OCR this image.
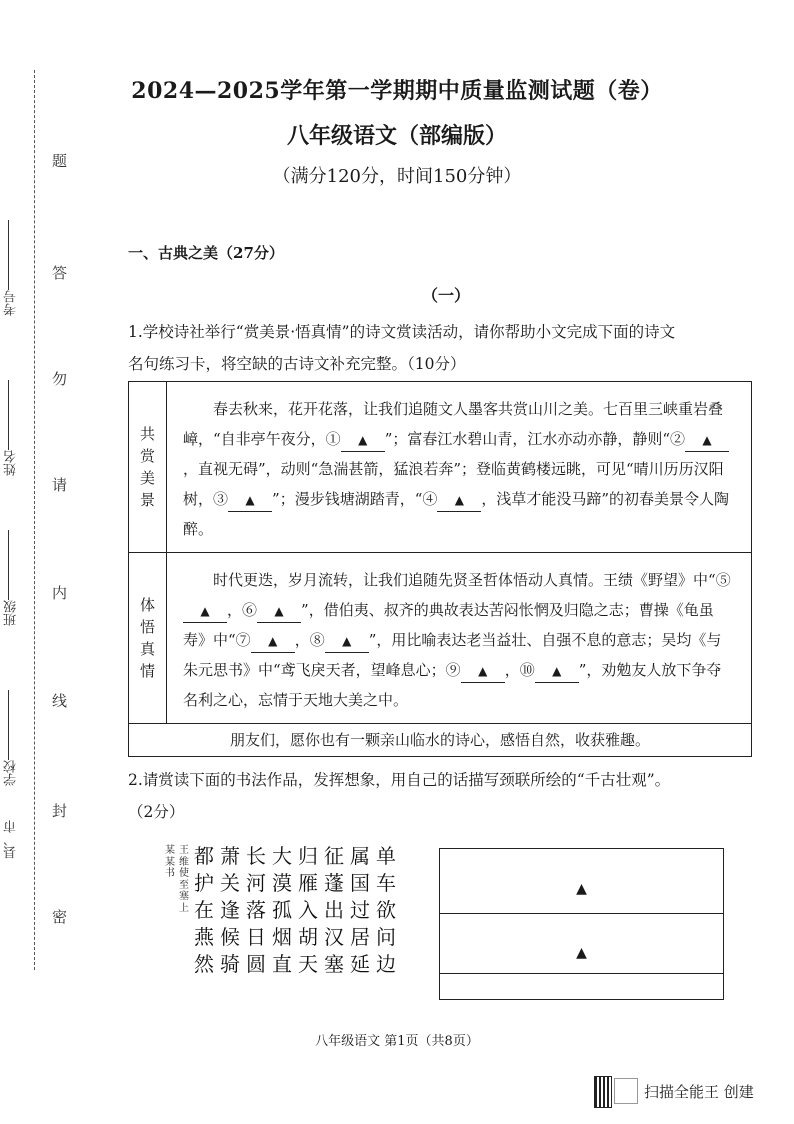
题
答
勿
请
内
线
封
密
学校
班级
姓名
考号
县、市
2024—2025学年第一学期期中质量监测试题（卷）
八年级语文（部编版）
（满分120分，时间150分钟）
一、古典之美（27分）
（一）
1.学校诗社举行“赏美景·悟真情”的诗文赏读活动，请你帮助小文完成下面的诗文
名句练习卡，将空缺的古诗文补充完整。（10分）
共
赏
美
景	春去秋来，花开花落，让我们追随文人墨客共赏山川之美。七百里三峡重岩叠嶂，“自非亭午夜分，① ▲ ”；富春江水碧山青，江水亦动亦静，静则“② ▲，直视无碍”，动则“急湍甚箭，猛浪若奔”；登临黄鹤楼远眺，可见“晴川历历汉阳树，③ ▲ ”；漫步钱塘湖踏青，“④ ▲ ，浅草才能没马蹄”的初春美景令人陶醉。

体
悟
真
情	时代更迭，岁月流转，让我们追随先贤圣哲体悟动人真情。王绩《野望》中“⑤▲ ，⑥ ▲ ”，借伯夷、叔齐的典故表达苦闷怅惘及归隐之志；曹操《龟虽寿》中“⑦ ▲ ，⑧ ▲ ”，用比喻表达老当益壮、自强不息的意志；吴均《与朱元思书》中“鸢飞戾天者，望峰息心；⑨ ▲ ，⑩ ▲ ”，劝勉友人放下争夺名利之心，忘情于天地大美之中。
朋友们，愿你也有一颗亲山临水的诗心，感悟自然，收获雅趣。	
2.请赏读下面的书法作品，发挥想象，用自己的话描写颈联所绘的“千古壮观”。
（2分）
单
车
欲
问
边
属
国
过
居
延
征
蓬
出
汉
塞
归
雁
入
胡
天
大
漠
孤
烟
直
长
河
落
日
圆
萧
关
逢
候
骑
都
护
在
燕
然
王维使至塞上
某某书
▲
▲
八年级语文 第1页（共8页）
扫描全能王 创建
